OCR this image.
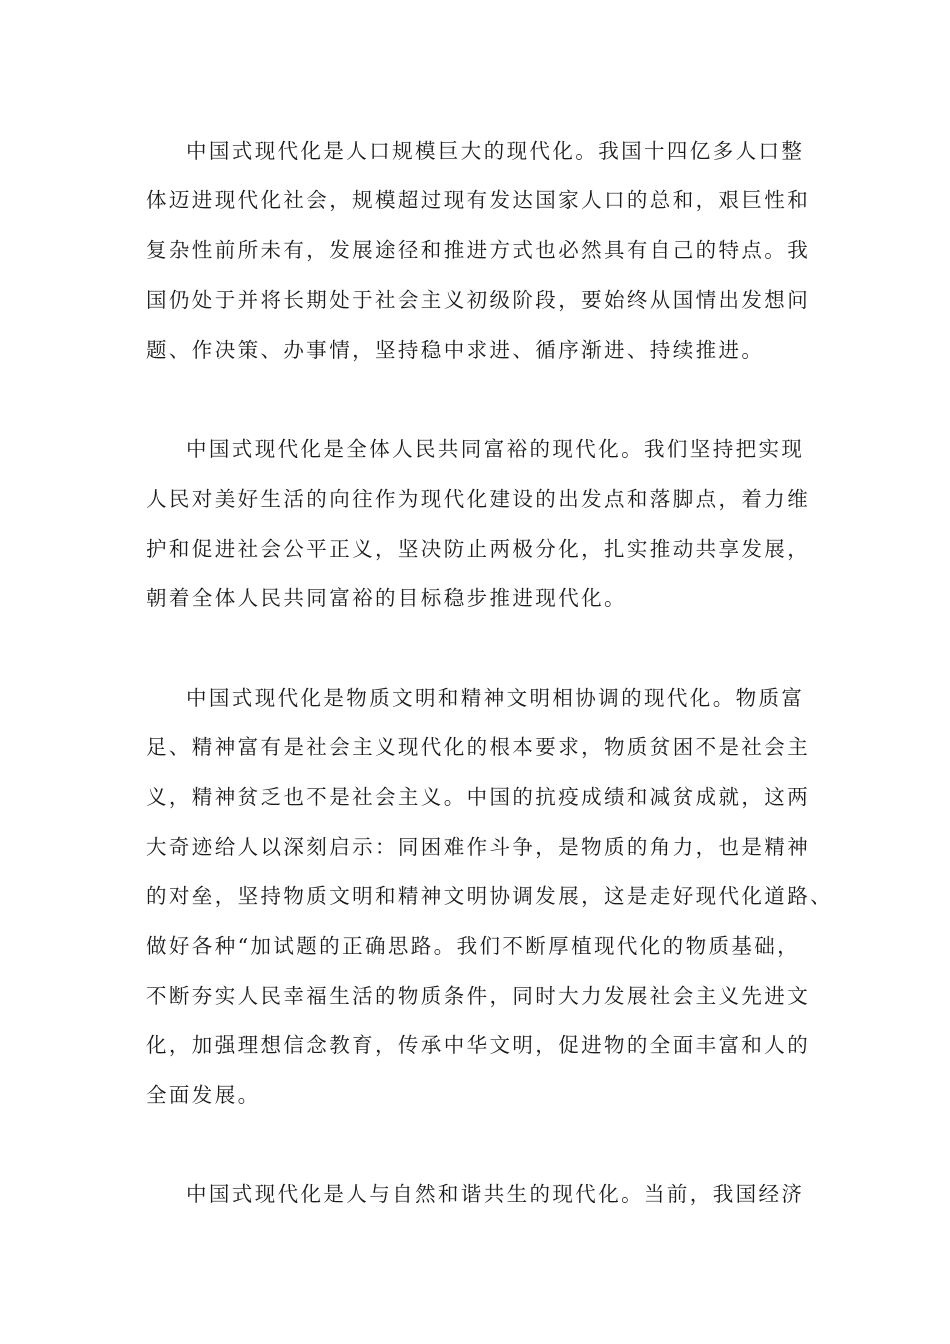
中国式现代化是人口规模巨大的现代化。我国十四亿多人口整
体迈进现代化社会，规模超过现有发达国家人口的总和，艰巨性和
复杂性前所未有，发展途径和推进方式也必然具有自己的特点。我
国仍处于并将长期处于社会主义初级阶段，要始终从国情出发想问
题、作决策、办事情，坚持稳中求进、循序渐进、持续推进。
中国式现代化是全体人民共同富裕的现代化。我们坚持把实现
人民对美好生活的向往作为现代化建设的出发点和落脚点，着力维
护和促进社会公平正义，坚决防止两极分化，扎实推动共享发展，
朝着全体人民共同富裕的目标稳步推进现代化。
中国式现代化是物质文明和精神文明相协调的现代化。物质富
足、精神富有是社会主义现代化的根本要求，物质贫困不是社会主
义，精神贫乏也不是社会主义。中国的抗疫成绩和减贫成就，这两
大奇迹给人以深刻启示：同困难作斗争，是物质的角力，也是精神
的对垒，坚持物质文明和精神文明协调发展，这是走好现代化道路、
做好各种“加试题的正确思路。我们不断厚植现代化的物质基础，
不断夯实人民幸福生活的物质条件，同时大力发展社会主义先进文
化，加强理想信念教育，传承中华文明，促进物的全面丰富和人的
全面发展。
中国式现代化是人与自然和谐共生的现代化。当前，我国经济
